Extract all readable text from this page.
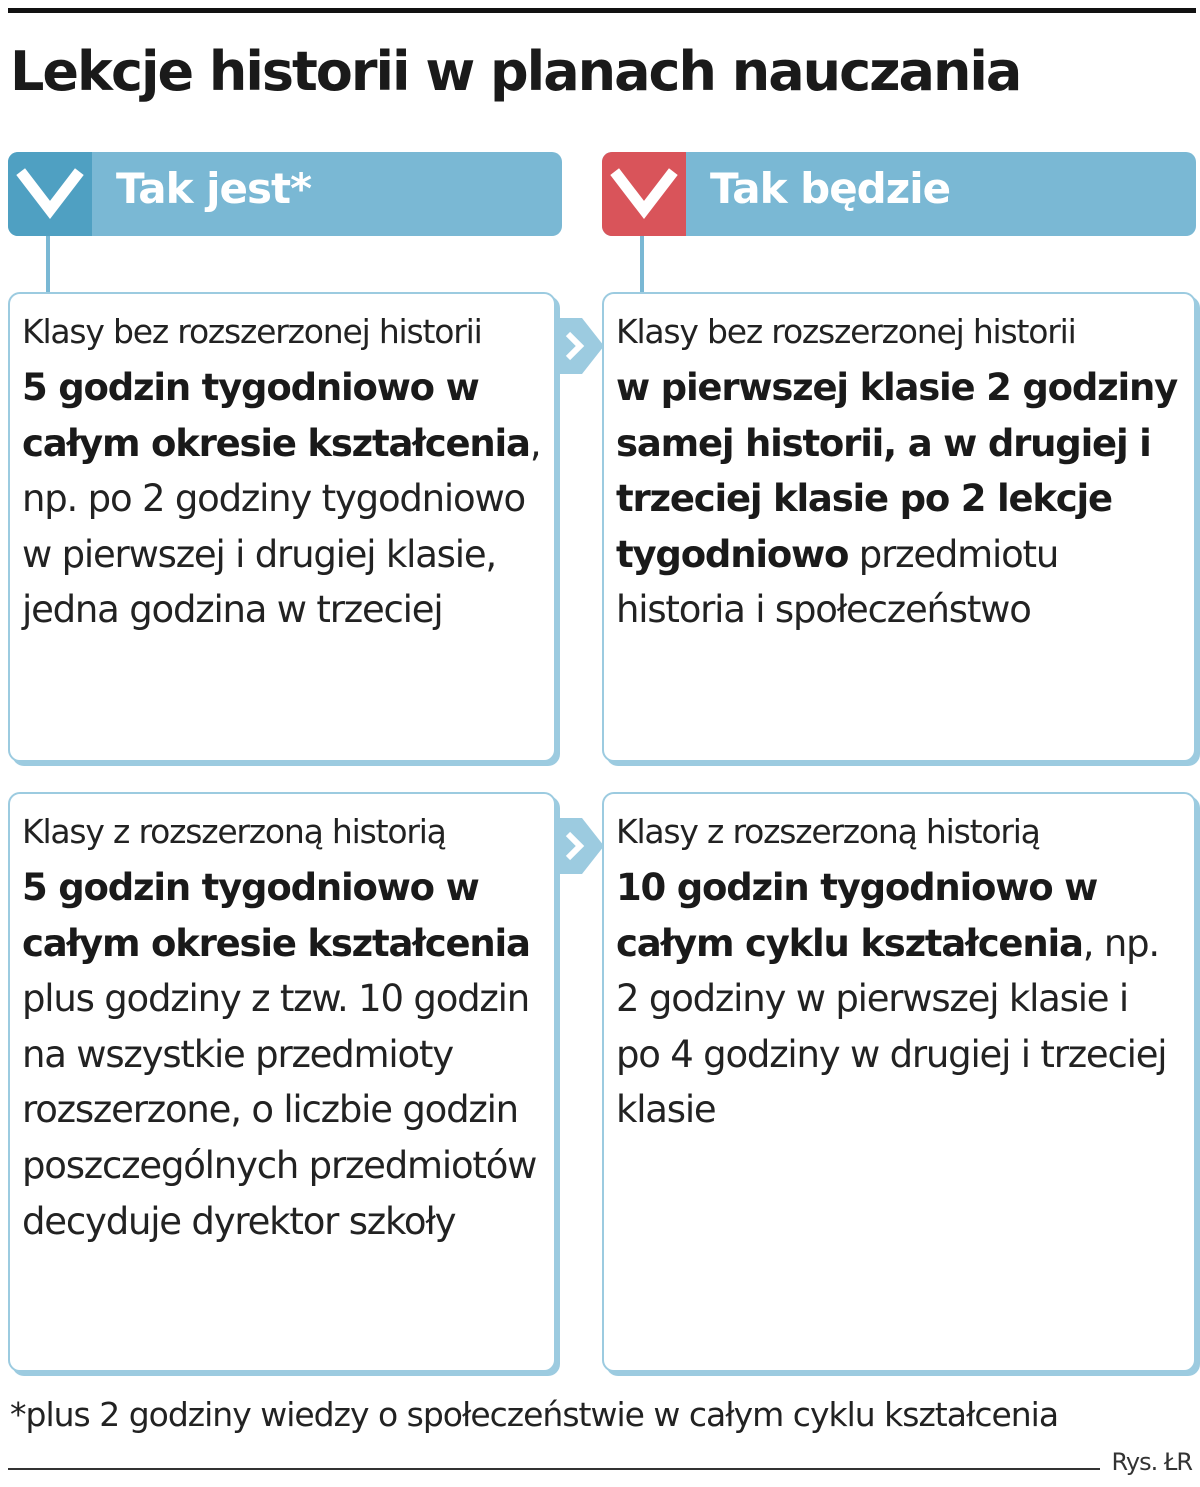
Lekcje historii w planach nauczania
Tak jest*	Tak będzie
Klasy bez rozszerzonej historii
5 godzin tygodniowo w całym okresie kształcenia, np. po 2 godziny tygodniowo w pierwszej i drugiej klasie, jedna godzina w trzeciej
Klasy bez rozszerzonej historii
w pierwszej klasie 2 godziny samej historii, a w drugiej i trzeciej klasie po 2 lekcje tygodniowo przedmiotu historia i społeczeństwo
Klasy z rozszerzoną historią
5 godzin tygodniowo w całym okresie kształcenia plus godziny z tzw. 10 godzin na wszystkie przedmioty rozszerzone, o liczbie godzin poszczególnych przedmiotów decyduje dyrektor szkoły
Klasy z rozszerzoną historią
10 godzin tygodniowo w całym cyklu kształcenia, np. 2 godziny w pierwszej klasie i po 4 godziny w drugiej i trzeciej klasie
*plus 2 godziny wiedzy o społeczeństwie w całym cyklu kształcenia
Rys. ŁR
